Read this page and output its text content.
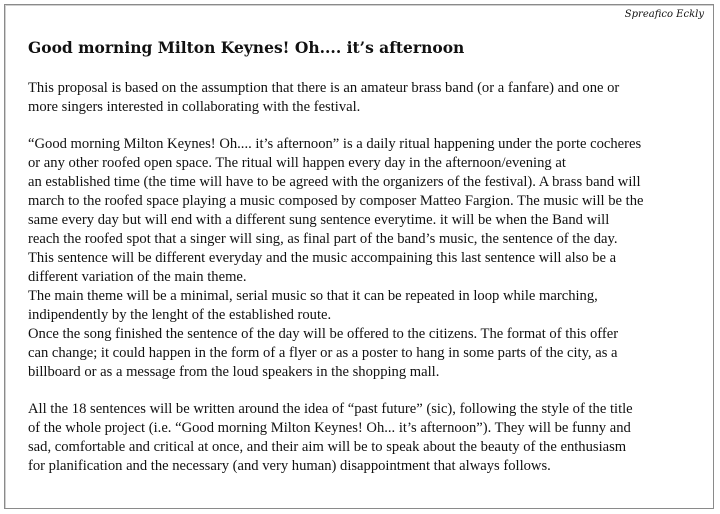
Spreafico Eckly
Good morning Milton Keynes! Oh.... it’s afternoon

This proposal is based on the assumption that there is an amateur brass band (or a fanfare) and one or
more singers interested in collaborating with the festival.

“Good morning Milton Keynes! Oh.... it’s afternoon” is a daily ritual happening under the porte cocheres
or any other roofed open space. The ritual will happen every day in the afternoon/evening at
an established time (the time will have to be agreed with the organizers of the festival). A brass band will
march to the roofed space playing a music composed by composer Matteo Fargion. The music will be the
same every day but will end with a different sung sentence everytime. it will be when the Band will
reach the roofed spot that a singer will sing, as final part of the band’s music, the sentence of the day.
This sentence will be different everyday and the music accompaining this last sentence will also be a
different variation of the main theme.
The main theme will be a minimal, serial music so that it can be repeated in loop while marching,
indipendently by the lenght of the established route.
Once the song finished the sentence of the day will be offered to the citizens. The format of this offer
can change; it could happen in the form of a flyer or as a poster to hang in some parts of the city, as a
billboard or as a message from the loud speakers in the shopping mall.

All the 18 sentences will be written around the idea of “past future” (sic), following the style of the title
of the whole project (i.e. “Good morning Milton Keynes! Oh... it’s afternoon”). They will be funny and
sad, comfortable and critical at once, and their aim will be to speak about the beauty of the enthusiasm
for planification and the necessary (and very human) disappointment that always follows.
